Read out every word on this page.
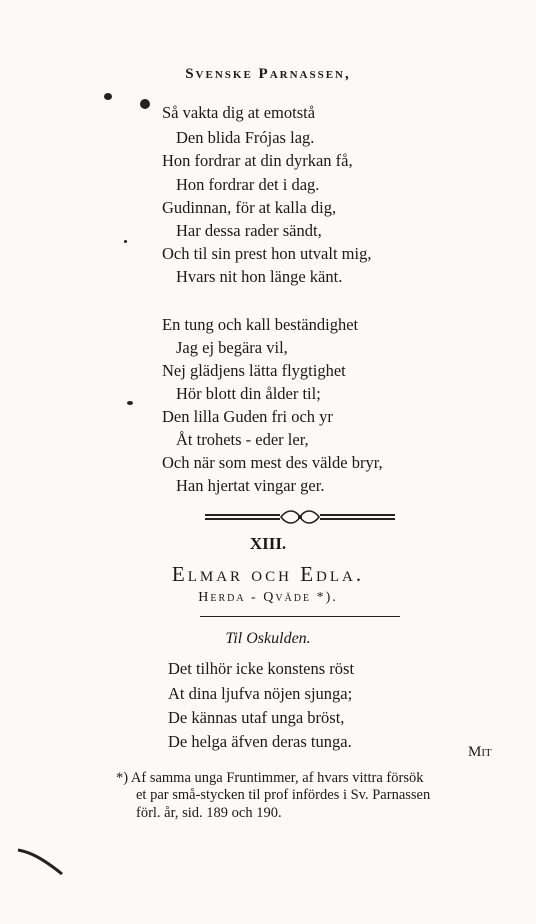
Svenske Parnassen,
Så vakta dig at emotstå
Den blida Frójas lag.
Hon fordrar at din dyrkan få,
Hon fordrar det i dag.
Gudinnan, för at kalla dig,
Har dessa rader sändt,
Och til sin prest hon utvalt mig,
Hvars nit hon länge känt.
En tung och kall beständighet
Jag ej begära vil,
Nej glädjens lätta flygtighet
Hör blott din ålder til;
Den lilla Guden fri och yr
Åt trohets - eder ler,
Och när som mest des välde bryr,
Han hjertat vingar ger.
XIII.
Elmar och Edla.
Herda - Qväde *).
Til Oskulden.
Det tilhör icke konstens röst
At dina ljufva nöjen sjunga;
De kännas utaf unga bröst,
De helga äfven deras tunga.
Mit
*) Af samma unga Fruntimmer, af hvars vittra försök
et par små-stycken til prof infördes i Sv. Parnassen
förl. år, sid. 189 och 190.
